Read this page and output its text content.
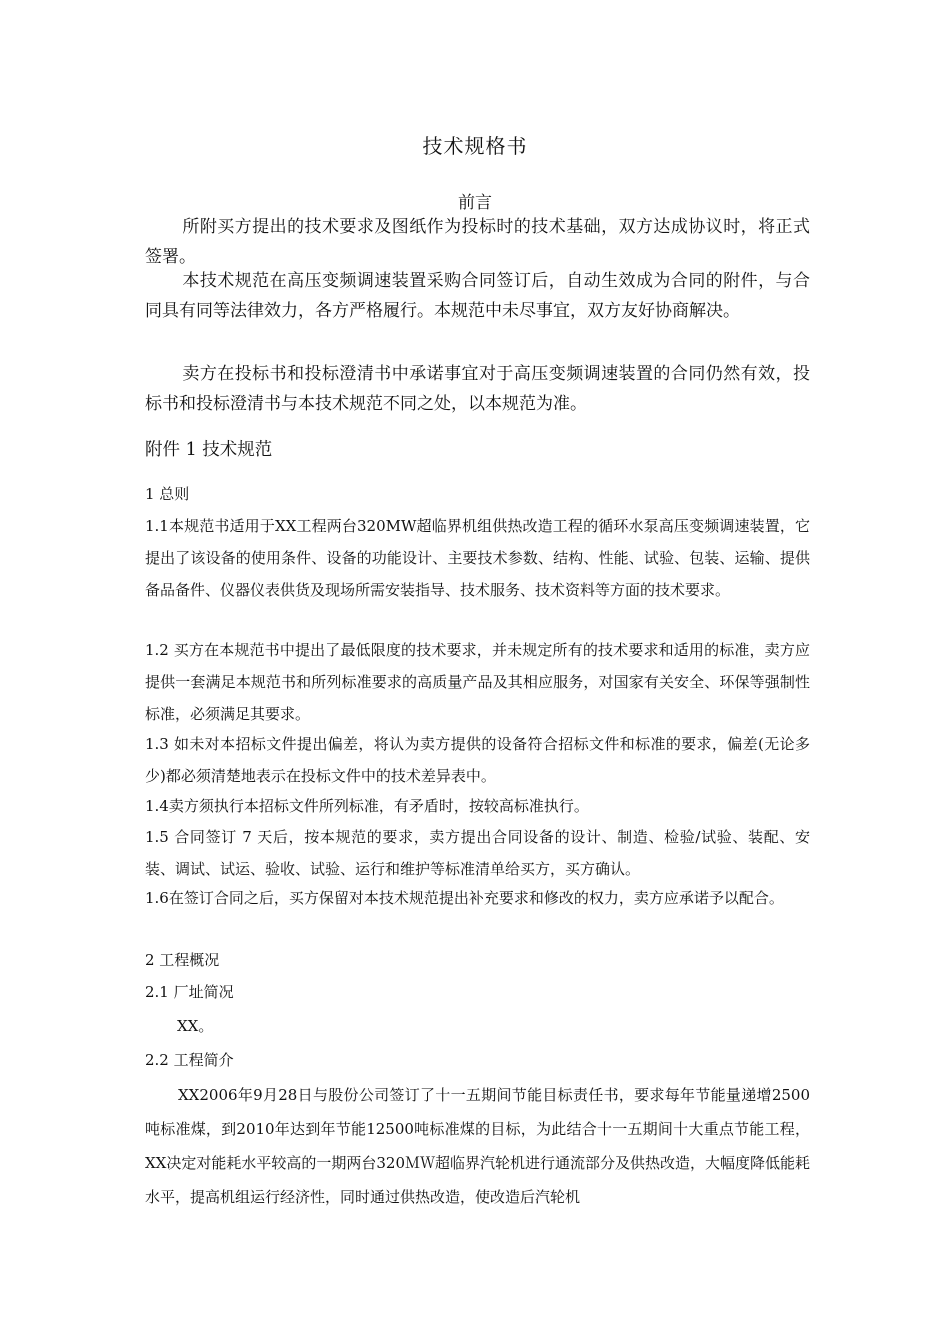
技术规格书
前言
所附买方提出的技术要求及图纸作为投标时的技术基础，双方达成协议时，将正式签署。
本技术规范在高压变频调速装置采购合同签订后，自动生效成为合同的附件，与合同具有同等法律效力，各方严格履行。本规范中未尽事宜，双方友好协商解决。
卖方在投标书和投标澄清书中承诺事宜对于高压变频调速装置的合同仍然有效，投标书和投标澄清书与本技术规范不同之处，以本规范为准。
附件 1 技术规范
1 总则
1.1本规范书适用于XX工程两台320MW超临界机组供热改造工程的循环水泵高压变频调速装置，它提出了该设备的使用条件、设备的功能设计、主要技术参数、结构、性能、试验、包装、运输、提供备品备件、仪器仪表供货及现场所需安装指导、技术服务、技术资料等方面的技术要求。
1.2 买方在本规范书中提出了最低限度的技术要求，并未规定所有的技术要求和适用的标准，卖方应提供一套满足本规范书和所列标准要求的高质量产品及其相应服务，对国家有关安全、环保等强制性标准，必须满足其要求。
1.3 如未对本招标文件提出偏差，将认为卖方提供的设备符合招标文件和标准的要求，偏差(无论多少)都必须清楚地表示在投标文件中的技术差异表中。
1.4卖方须执行本招标文件所列标准，有矛盾时，按较高标准执行。
1.5 合同签订 7 天后，按本规范的要求，卖方提出合同设备的设计、制造、检验/试验、装配、安装、调试、试运、验收、试验、运行和维护等标准清单给买方，买方确认。
1.6在签订合同之后，买方保留对本技术规范提出补充要求和修改的权力，卖方应承诺予以配合。
2 工程概况
2.1 厂址简况
XX。
2.2 工程简介
XX2006年9月28日与股份公司签订了十一五期间节能目标责任书，要求每年节能量递增2500吨标准煤，到2010年达到年节能12500吨标准煤的目标，为此结合十一五期间十大重点节能工程，XX决定对能耗水平较高的一期两台320ＭＷ超临界汽轮机进行通流部分及供热改造，大幅度降低能耗水平，提高机组运行经济性，同时通过供热改造，使改造后汽轮机
